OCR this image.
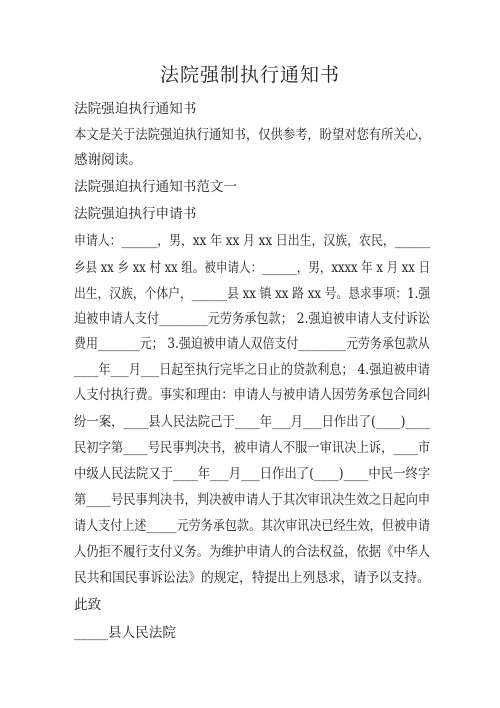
法院强制执行通知书
法院强迫执行通知书
本文是关于法院强迫执行通知书，仅供参考，盼望对您有所关心，
感谢阅读。
法院强迫执行通知书范文一
法院强迫执行申请书
申请人：______，男，xx 年 xx 月 xx 日出生，汉族，农民，______
乡县 xx 乡 xx 村 xx 组。被申请人：______，男，xxxx 年 x 月 xx 日
出生，汉族，个体户，______县 xx 镇 xx 路 xx 号。恳求事项：1.强
迫被申请人支付________元劳务承包款； 2.强迫被申请人支付诉讼
费用_______元； 3.强迫被申请人双倍支付________元劳务承包款从
____年___月___日起至执行完毕之日止的贷款利息； 4.强迫被申请
人支付执行费。事实和理由：申请人与被申请人因劳务承包合同纠
纷一案，____县人民法院己于____年___月___日作出了(____)____
民初字第____号民事判决书，被申请人不服一审讯决上诉，____市
中级人民法院又于____年___月___日作出了(____)____中民一终字
第____号民事判决书，判决被申请人于其次审讯决生效之日起向申
请人支付上述_____元劳务承包款。其次审讯决已经生效，但被申请
人仍拒不履行支付义务。为维护申请人的合法权益，依据《中华人
民共和国民事诉讼法》的规定，特提出上列恳求，请予以支持。
此致
_____县人民法院
